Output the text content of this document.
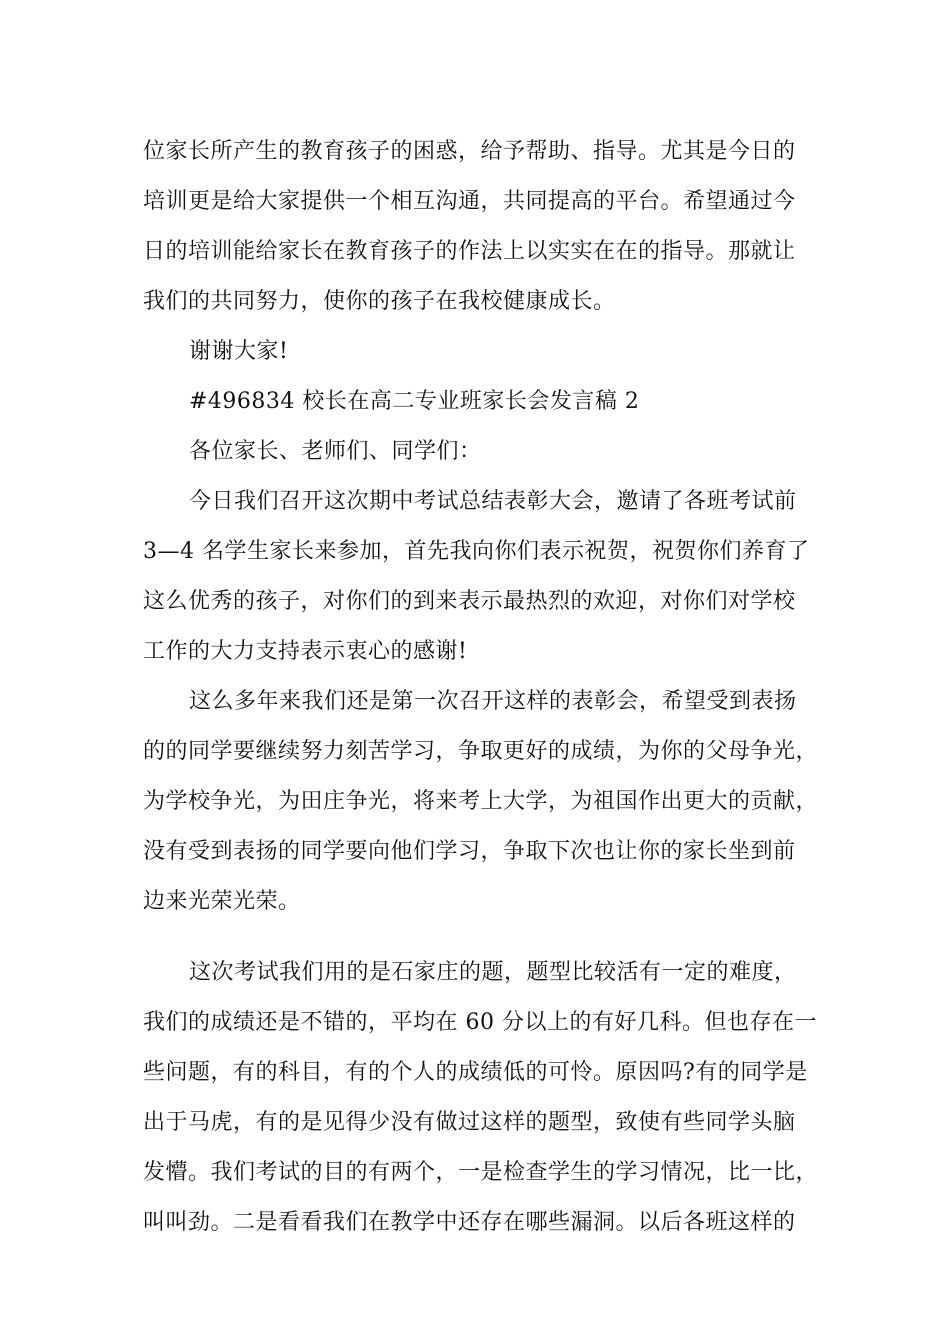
位家长所产生的教育孩子的困惑，给予帮助、指导。尤其是今日的
培训更是给大家提供一个相互沟通，共同提高的平台。希望通过今
日的培训能给家长在教育孩子的作法上以实实在在的指导。那就让
我们的共同努力，使你的孩子在我校健康成长。
谢谢大家!
#496834 校长在高二专业班家长会发言稿 2
各位家长、老师们、同学们：
今日我们召开这次期中考试总结表彰大会，邀请了各班考试前
3—4 名学生家长来参加，首先我向你们表示祝贺，祝贺你们养育了
这么优秀的孩子，对你们的到来表示最热烈的欢迎，对你们对学校
工作的大力支持表示衷心的感谢!
这么多年来我们还是第一次召开这样的表彰会，希望受到表扬
的的同学要继续努力刻苦学习，争取更好的成绩，为你的父母争光，
为学校争光，为田庄争光，将来考上大学，为祖国作出更大的贡献，
没有受到表扬的同学要向他们学习，争取下次也让你的家长坐到前
边来光荣光荣。
这次考试我们用的是石家庄的题，题型比较活有一定的难度，
我们的成绩还是不错的，平均在 60 分以上的有好几科。但也存在一
些问题，有的科目，有的个人的成绩低的可怜。原因吗?有的同学是
出于马虎，有的是见得少没有做过这样的题型，致使有些同学头脑
发懵。我们考试的目的有两个，一是检查学生的学习情况，比一比，
叫叫劲。二是看看我们在教学中还存在哪些漏洞。以后各班这样的
